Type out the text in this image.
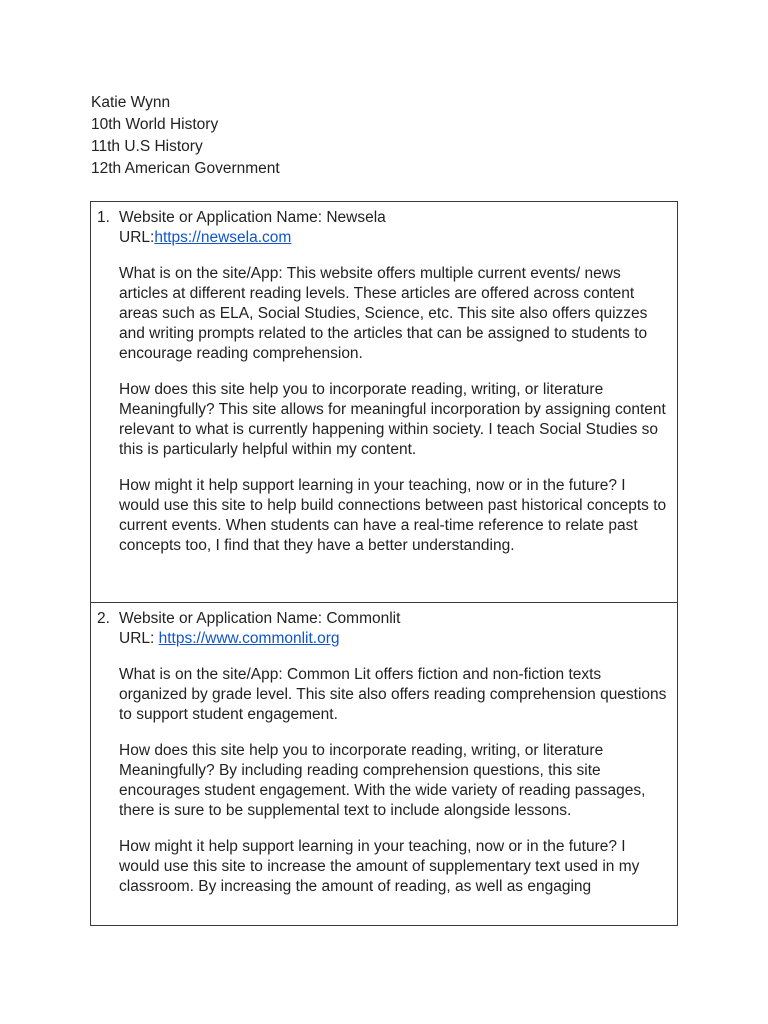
Katie Wynn
10th World History
11th U.S History
12th American Government
1. Website or Application Name: Newsela
URL:https://newsela.com

What is on the site/App: This website offers multiple current events/ news articles at different reading levels. These articles are offered across content areas such as ELA, Social Studies, Science, etc. This site also offers quizzes and writing prompts related to the articles that can be assigned to students to encourage reading comprehension.

How does this site help you to incorporate reading, writing, or literature Meaningfully? This site allows for meaningful incorporation by assigning content relevant to what is currently happening within society. I teach Social Studies so this is particularly helpful within my content.

How might it help support learning in your teaching, now or in the future? I would use this site to help build connections between past historical concepts to current events. When students can have a real-time reference to relate past concepts too, I find that they have a better understanding.

2. Website or Application Name: Commonlit
URL: https://www.commonlit.org

What is on the site/App: Common Lit offers fiction and non-fiction texts organized by grade level. This site also offers reading comprehension questions to support student engagement.

How does this site help you to incorporate reading, writing, or literature Meaningfully? By including reading comprehension questions, this site encourages student engagement. With the wide variety of reading passages, there is sure to be supplemental text to include alongside lessons.

How might it help support learning in your teaching, now or in the future? I would use this site to increase the amount of supplementary text used in my classroom. By increasing the amount of reading, as well as engaging
